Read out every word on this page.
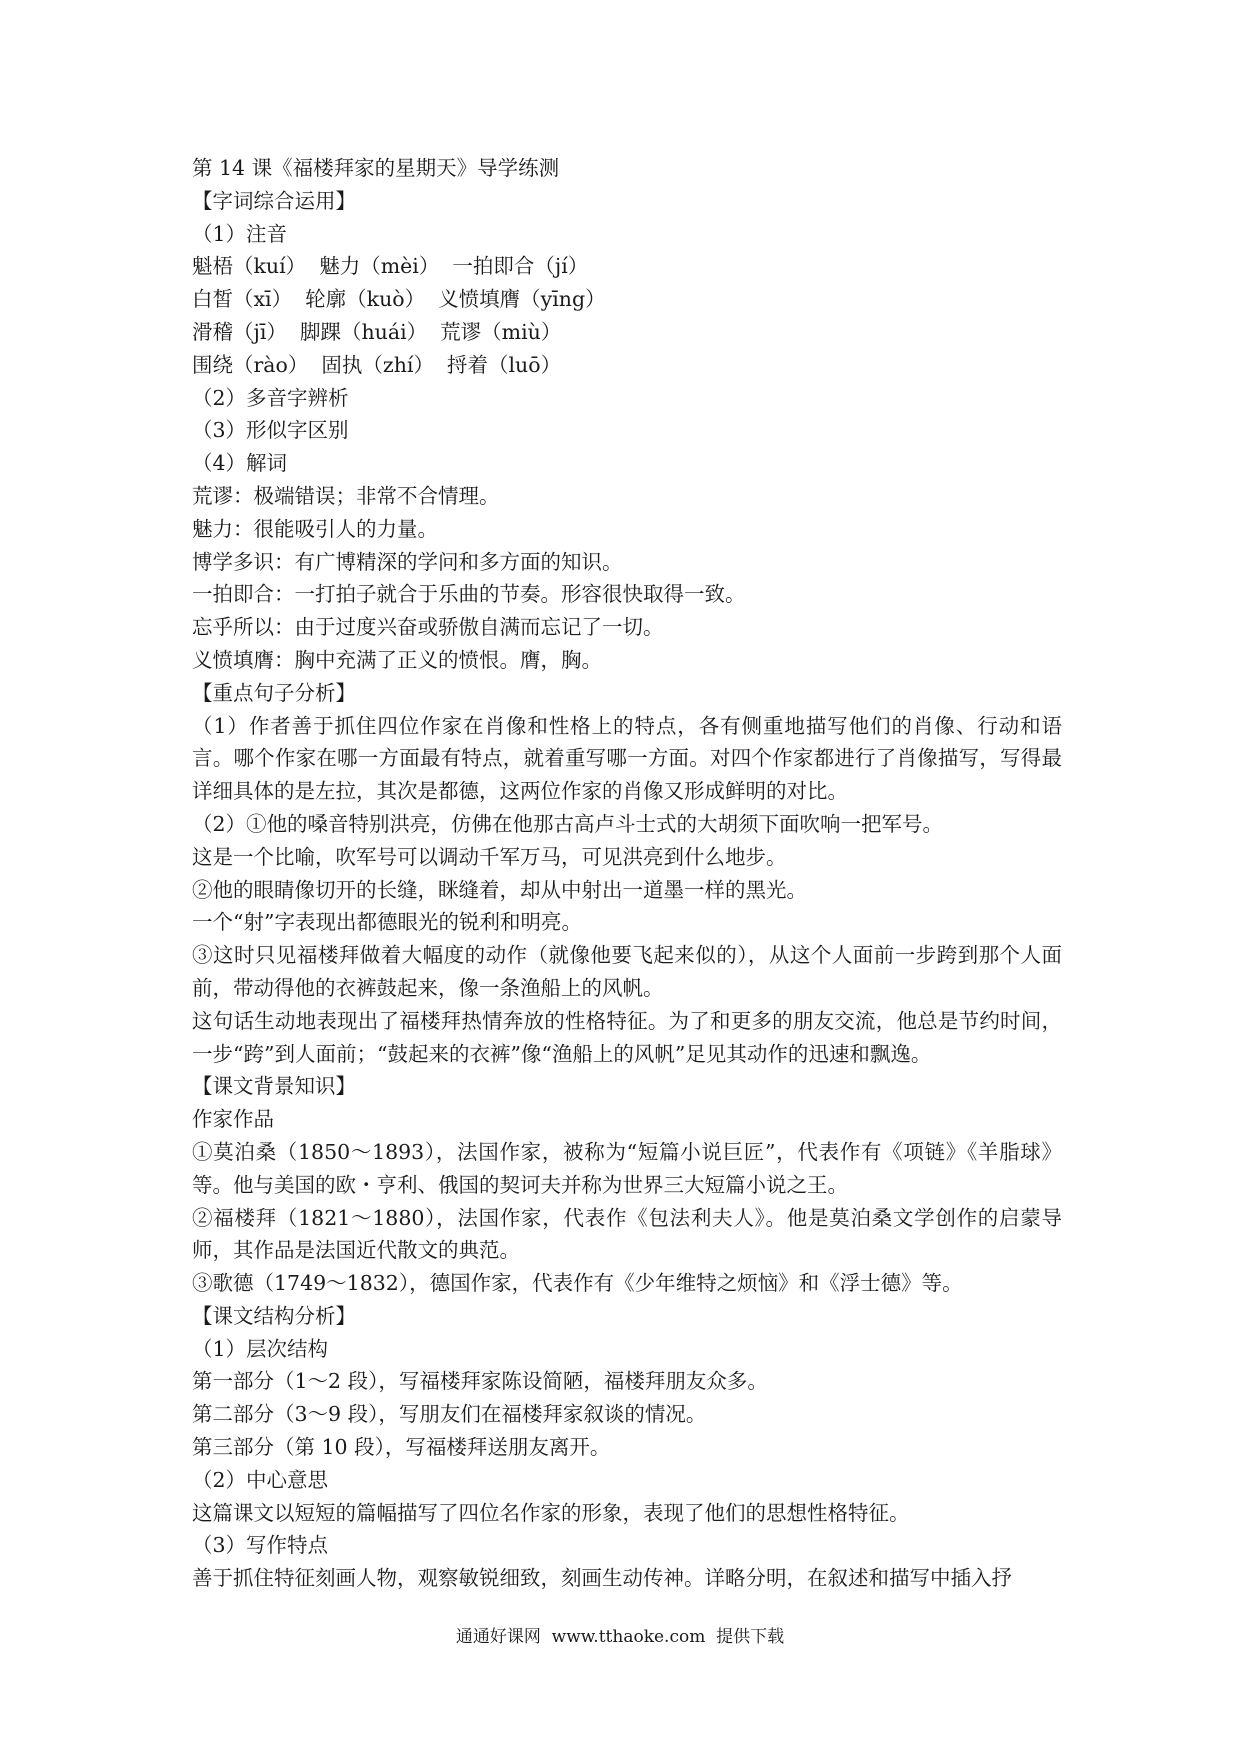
第 14 课《福楼拜家的星期天》导学练测
【字词综合运用】
（1）注音
魁梧（kuí）  魅力（mèi）  一拍即合（jí）
白皙（xī）  轮廓（kuò）  义愤填膺（yīng）
滑稽（jī）  脚踝（huái）  荒谬（miù）
围绕（rào）  固执（zhí）  捋着（luō）
（2）多音字辨析
（3）形似字区别
（4）解词
荒谬：极端错误；非常不合情理。
魅力：很能吸引人的力量。
博学多识：有广博精深的学问和多方面的知识。
一拍即合：一打拍子就合于乐曲的节奏。形容很快取得一致。
忘乎所以：由于过度兴奋或骄傲自满而忘记了一切。
义愤填膺：胸中充满了正义的愤恨。膺，胸。
【重点句子分析】
（1）作者善于抓住四位作家在肖像和性格上的特点，各有侧重地描写他们的肖像、行动和语言。哪个作家在哪一方面最有特点，就着重写哪一方面。对四个作家都进行了肖像描写，写得最详细具体的是左拉，其次是都德，这两位作家的肖像又形成鲜明的对比。
（2）①他的嗓音特别洪亮，仿佛在他那古高卢斗士式的大胡须下面吹响一把军号。
这是一个比喻，吹军号可以调动千军万马，可见洪亮到什么地步。
②他的眼睛像切开的长缝，眯缝着，却从中射出一道墨一样的黑光。
一个“射”字表现出都德眼光的锐利和明亮。
③这时只见福楼拜做着大幅度的动作（就像他要飞起来似的），从这个人面前一步跨到那个人面前，带动得他的衣裤鼓起来，像一条渔船上的风帆。
这句话生动地表现出了福楼拜热情奔放的性格特征。为了和更多的朋友交流，他总是节约时间，一步“跨”到人面前；“鼓起来的衣裤”像“渔船上的风帆”足见其动作的迅速和飘逸。
【课文背景知识】
作家作品
①莫泊桑（1850～1893），法国作家，被称为“短篇小说巨匠”，代表作有《项链》《羊脂球》等。他与美国的欧・亨利、俄国的契诃夫并称为世界三大短篇小说之王。
②福楼拜（1821～1880），法国作家，代表作《包法利夫人》。他是莫泊桑文学创作的启蒙导师，其作品是法国近代散文的典范。
③歌德（1749～1832），德国作家，代表作有《少年维特之烦恼》和《浮士德》等。
【课文结构分析】
（1）层次结构
第一部分（1～2 段），写福楼拜家陈设简陋，福楼拜朋友众多。
第二部分（3～9 段），写朋友们在福楼拜家叙谈的情况。
第三部分（第 10 段），写福楼拜送朋友离开。
（2）中心意思
这篇课文以短短的篇幅描写了四位名作家的形象，表现了他们的思想性格特征。
（3）写作特点
善于抓住特征刻画人物，观察敏锐细致，刻画生动传神。详略分明，在叙述和描写中插入抒
通通好课网  www.tthaoke.com  提供下载
